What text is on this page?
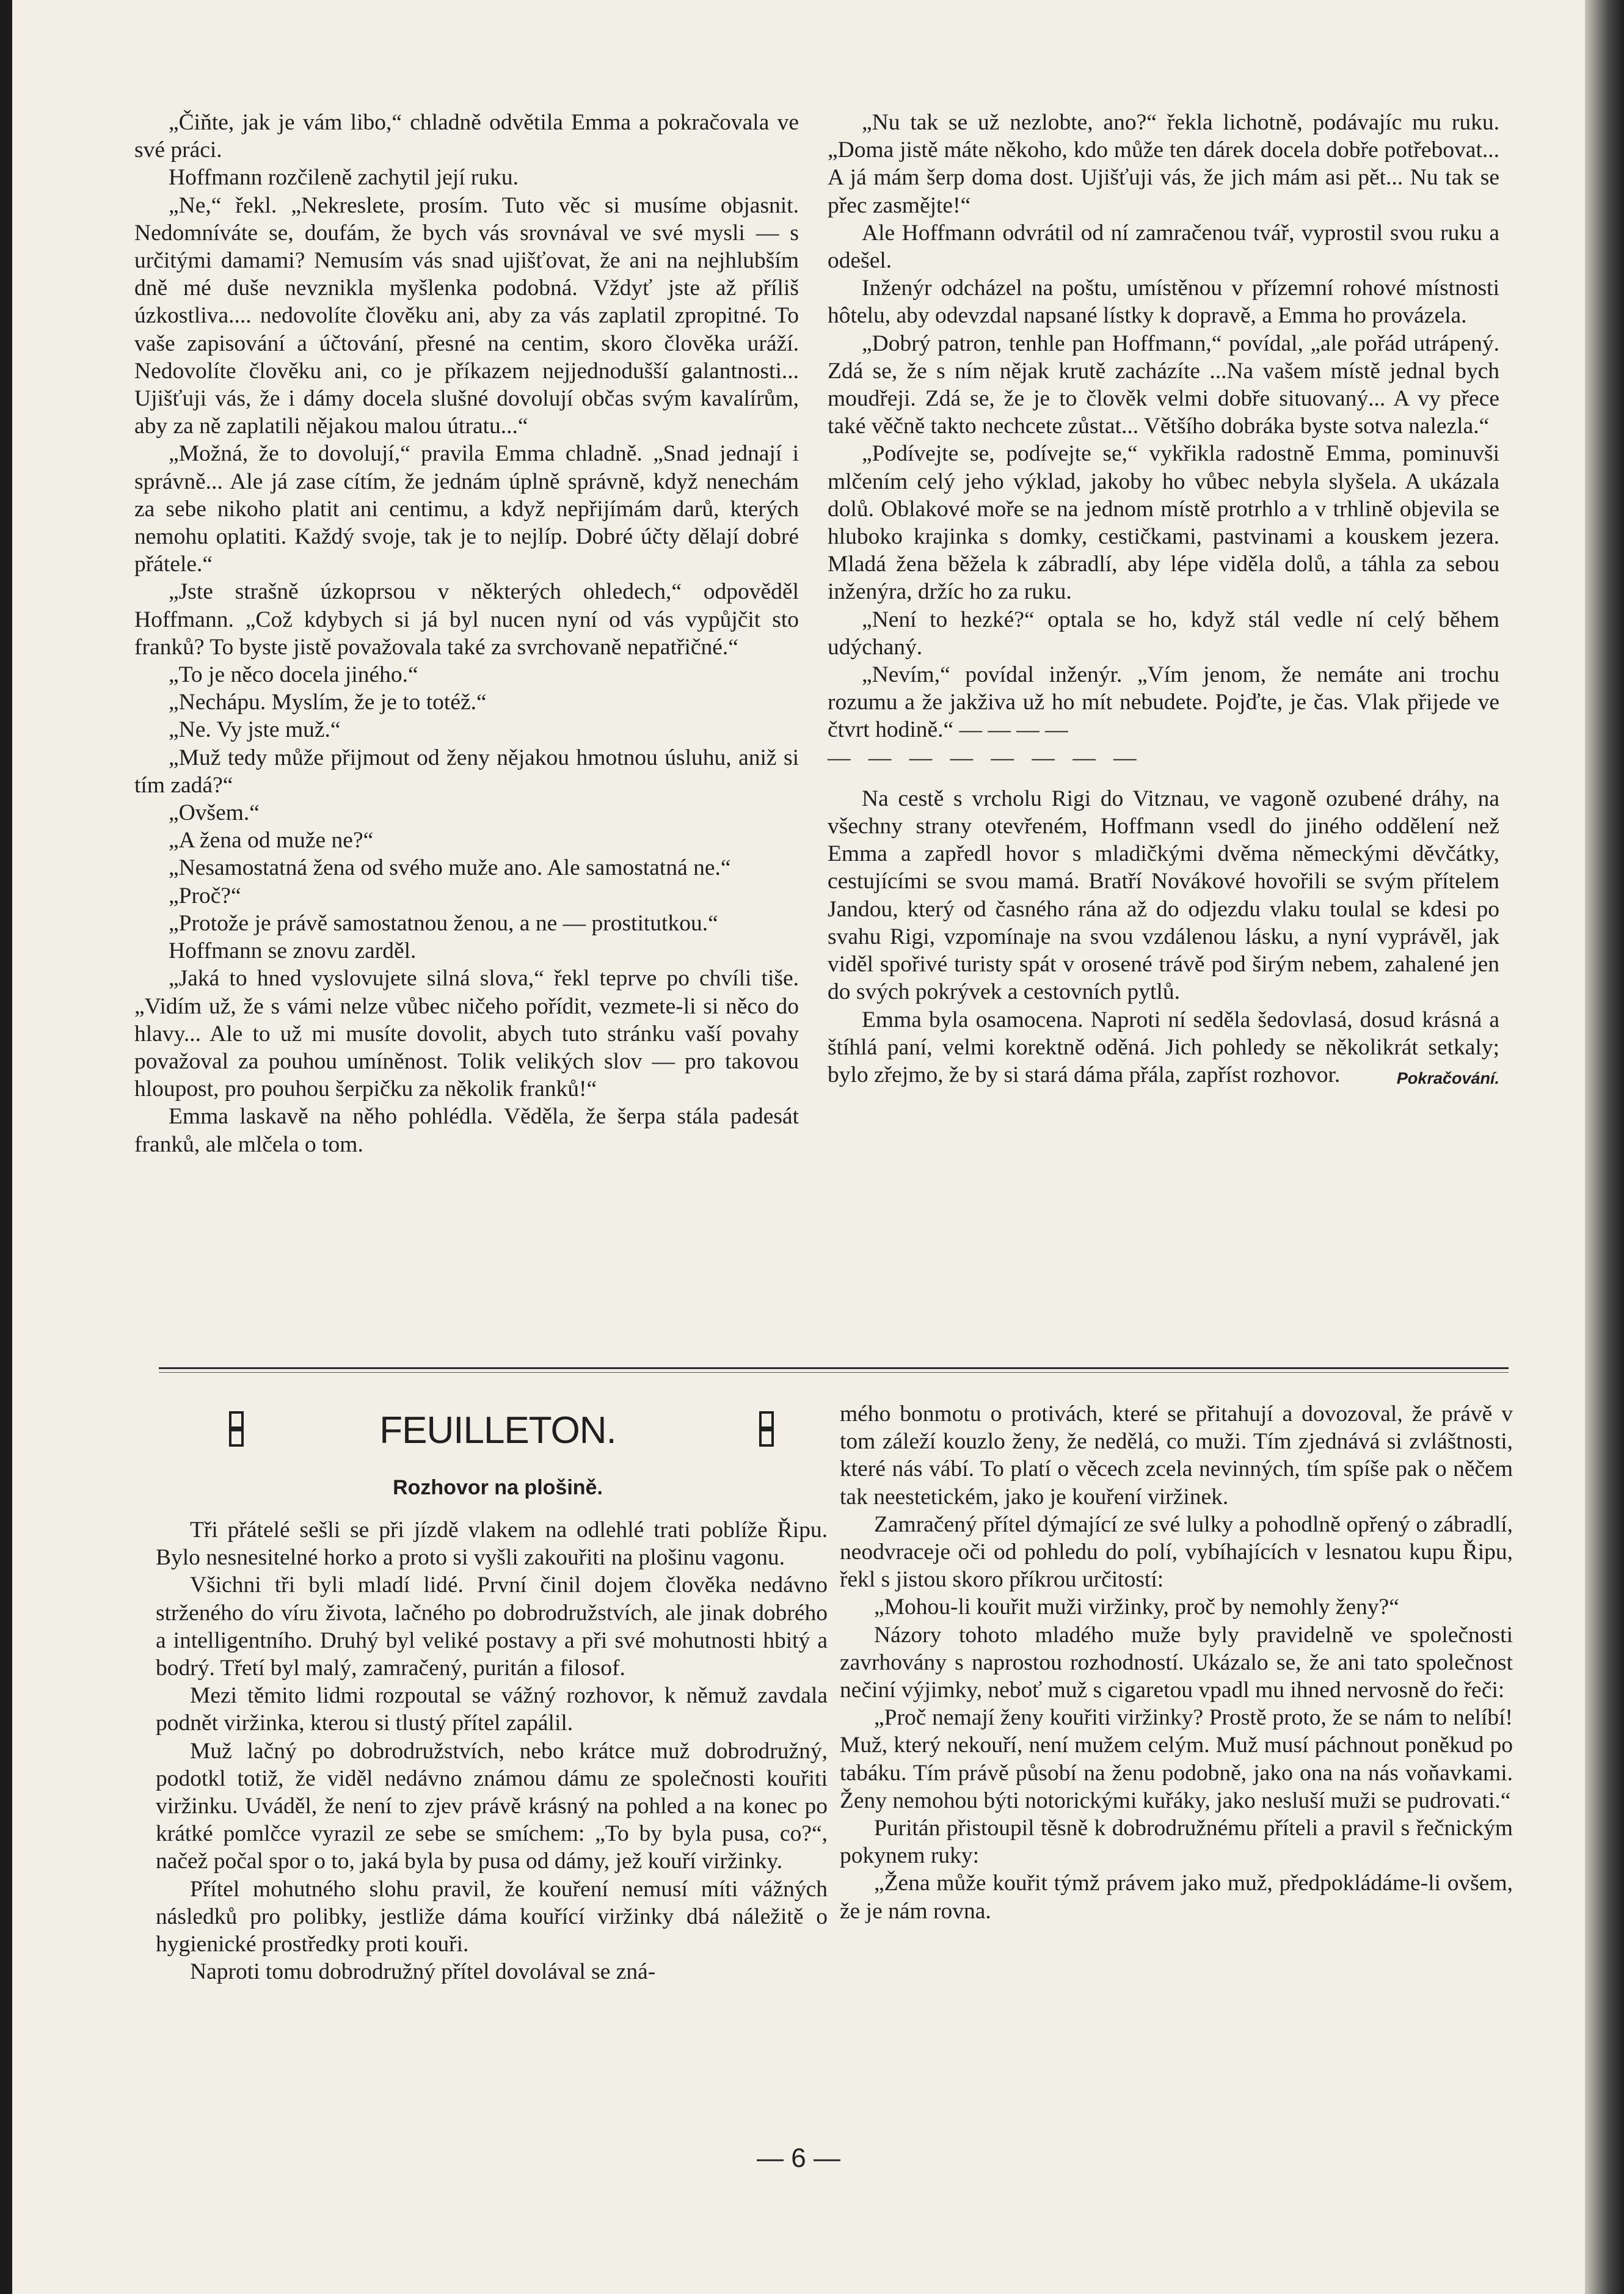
„Čiňte, jak je vám libo,“ chladně odvětila Emma a pokračovala ve své práci.

Hoffmann rozčileně zachytil její ruku.

„Ne,“ řekl. „Nekreslete, prosím. Tuto věc si musíme objasnit. Nedomníváte se, doufám, že bych vás srovnával ve své mysli — s určitými damami? Nemusím vás snad ujišťovat, že ani na nejhlubším dně mé duše nevznikla myšlenka podobná. Vždyť jste až příliš úzkostliva.... nedovolíte člověku ani, aby za vás zaplatil zpropitné. To vaše zapisování a účtování, přesné na centim, skoro člověka uráží. Nedovolíte člověku ani, co je příkazem nejjednodušší galantnosti... Ujišťuji vás, že i dámy docela slušné dovolují občas svým kavalírům, aby za ně zaplatili nějakou malou útratu...“

„Možná, že to dovolují,“ pravila Emma chladně. „Snad jednají i správně... Ale já zase cítím, že jednám úplně správně, když nenechám za sebe nikoho platit ani centimu, a když nepřijímám darů, kterých nemohu oplatiti. Každý svoje, tak je to nejlíp. Dobré účty dělají dobré přátele.“

„Jste strašně úzkoprsou v některých ohledech,“ odpověděl Hoffmann. „Což kdybych si já byl nucen nyní od vás vypůjčit sto franků? To byste jistě považovala také za svrchovaně nepatřičné.“

„To je něco docela jiného.“

„Nechápu. Myslím, že je to totéž.“

„Ne. Vy jste muž.“

„Muž tedy může přijmout od ženy nějakou hmotnou úsluhu, aniž si tím zadá?“

„Ovšem.“

„A žena od muže ne?“

„Nesamostatná žena od svého muže ano. Ale samostatná ne.“

„Proč?“

„Protože je právě samostatnou ženou, a ne — prostitutkou.“

Hoffmann se znovu zarděl.

„Jaká to hned vyslovujete silná slova,“ řekl teprve po chvíli tiše. „Vidím už, že s vámi nelze vůbec ničeho pořídit, vezmete-li si něco do hlavy... Ale to už mi musíte dovolit, abych tuto stránku vaší povahy považoval za pouhou umíněnost. Tolik velikých slov — pro takovou hloupost, pro pouhou šerpičku za několik franků!“

Emma laskavě na něho pohlédla. Věděla, že šerpa stála padesát franků, ale mlčela o tom.

„Nu tak se už nezlobte, ano?“ řekla lichotně, podávajíc mu ruku. „Doma jistě máte někoho, kdo může ten dárek docela dobře potřebovat... A já mám šerp doma dost. Ujišťuji vás, že jich mám asi pět... Nu tak se přec zasmějte!“

Ale Hoffmann odvrátil od ní zamračenou tvář, vyprostil svou ruku a odešel.

Inženýr odcházel na poštu, umístěnou v přízemní rohové místnosti hôtelu, aby odevzdal napsané lístky k dopravě, a Emma ho provázela.

„Dobrý patron, tenhle pan Hoffmann,“ povídal, „ale pořád utrápený. Zdá se, že s ním nějak krutě zacházíte ...Na vašem místě jednal bych moudřeji. Zdá se, že je to člověk velmi dobře situovaný... A vy přece také věčně takto nechcete zůstat... Většího dobráka byste sotva nalezla.“

„Podívejte se, podívejte se,“ vykřikla radostně Emma, pominuvši mlčením celý jeho výklad, jakoby ho vůbec nebyla slyšela. A ukázala dolů. Oblakové moře se na jednom místě protrhlo a v trhlině objevila se hluboko krajinka s domky, cestičkami, pastvinami a kouskem jezera. Mladá žena běžela k zábradlí, aby lépe viděla dolů, a táhla za sebou inženýra, držíc ho za ruku.

„Není to hezké?“ optala se ho, když stál vedle ní celý během udýchaný.

„Nevím,“ povídal inženýr. „Vím jenom, že nemáte ani trochu rozumu a že jakživa už ho mít nebudete. Pojďte, je čas. Vlak přijede ve čtvrt hodině.“ — — — —

— — — — — — — —

Na cestě s vrcholu Rigi do Vitznau, ve vagoně ozubené dráhy, na všechny strany otevřeném, Hoffmann vsedl do jiného oddělení než Emma a zapředl hovor s mladičkými dvěma německými děvčátky, cestujícími se svou mamá. Bratří Novákové hovořili se svým přítelem Jandou, který od časného rána až do odjezdu vlaku toulal se kdesi po svahu Rigi, vzpomínaje na svou vzdálenou lásku, a nyní vyprávěl, jak viděl spořivé turisty spát v orosené trávě pod širým nebem, zahalené jen do svých pokrývek a cestovních pytlů.

Emma byla osamocena. Naproti ní seděla šedovlasá, dosud krásná a štíhlá paní, velmi korektně oděná. Jich pohledy se několikrát setkaly; bylo zřejmo, že by si stará dáma přála, zapříst rozhovor.	Pokračování.

FEUILLETON.
Rozhovor na plošině.

Tři přátelé sešli se při jízdě vlakem na odlehlé trati poblíže Řipu. Bylo nesnesitelné horko a proto si vyšli zakouřiti na plošinu vagonu.

Všichni tři byli mladí lidé. První činil dojem člověka nedávno strženého do víru života, lačného po dobrodružstvích, ale jinak dobrého a intelligentního. Druhý byl veliké postavy a při své mohutnosti hbitý a bodrý. Třetí byl malý, zamračený, puritán a filosof.

Mezi těmito lidmi rozpoutal se vážný rozhovor, k němuž zavdala podnět viržinka, kterou si tlustý přítel zapálil.

Muž lačný po dobrodružstvích, nebo krátce muž dobrodružný, podotkl totiž, že viděl nedávno známou dámu ze společnosti kouřiti viržinku. Uváděl, že není to zjev právě krásný na pohled a na konec po krátké pomlčce vyrazil ze sebe se smíchem: „To by byla pusa, co?“, načež počal spor o to, jaká byla by pusa od dámy, jež kouří viržinky.

Přítel mohutného slohu pravil, že kouření nemusí míti vážných následků pro polibky, jestliže dáma kouřící viržinky dbá náležitě o hygienické prostředky proti kouři.

Naproti tomu dobrodružný přítel dovolával se zná-

mého bonmotu o protivách, které se přitahují a dovozoval, že právě v tom záleží kouzlo ženy, že nedělá, co muži. Tím zjednává si zvláštnosti, které nás vábí. To platí o věcech zcela nevinných, tím spíše pak o něčem tak neestetickém, jako je kouření viržinek.

Zamračený přítel dýmající ze své lulky a pohodlně opřený o zábradlí, neodvraceje oči od pohledu do polí, vybíhajících v lesnatou kupu Řipu, řekl s jistou skoro příkrou určitostí:

„Mohou-li kouřit muži viržinky, proč by nemohly ženy?“

Názory tohoto mladého muže byly pravidelně ve společnosti zavrhovány s naprostou rozhodností. Ukázalo se, že ani tato společnost nečiní výjimky, neboť muž s cigaretou vpadl mu ihned nervosně do řeči:

„Proč nemají ženy kouřiti viržinky? Prostě proto, že se nám to nelíbí! Muž, který nekouří, není mužem celým. Muž musí páchnout poněkud po tabáku. Tím právě působí na ženu podobně, jako ona na nás voňavkami. Ženy nemohou býti notorickými kuřáky, jako nesluší muži se pudrovati.“

Puritán přistoupil těsně k dobrodružnému příteli a pravil s řečnickým pokynem ruky:

„Žena může kouřit týmž právem jako muž, předpokládáme-li ovšem, že je nám rovna.

— 6 —
